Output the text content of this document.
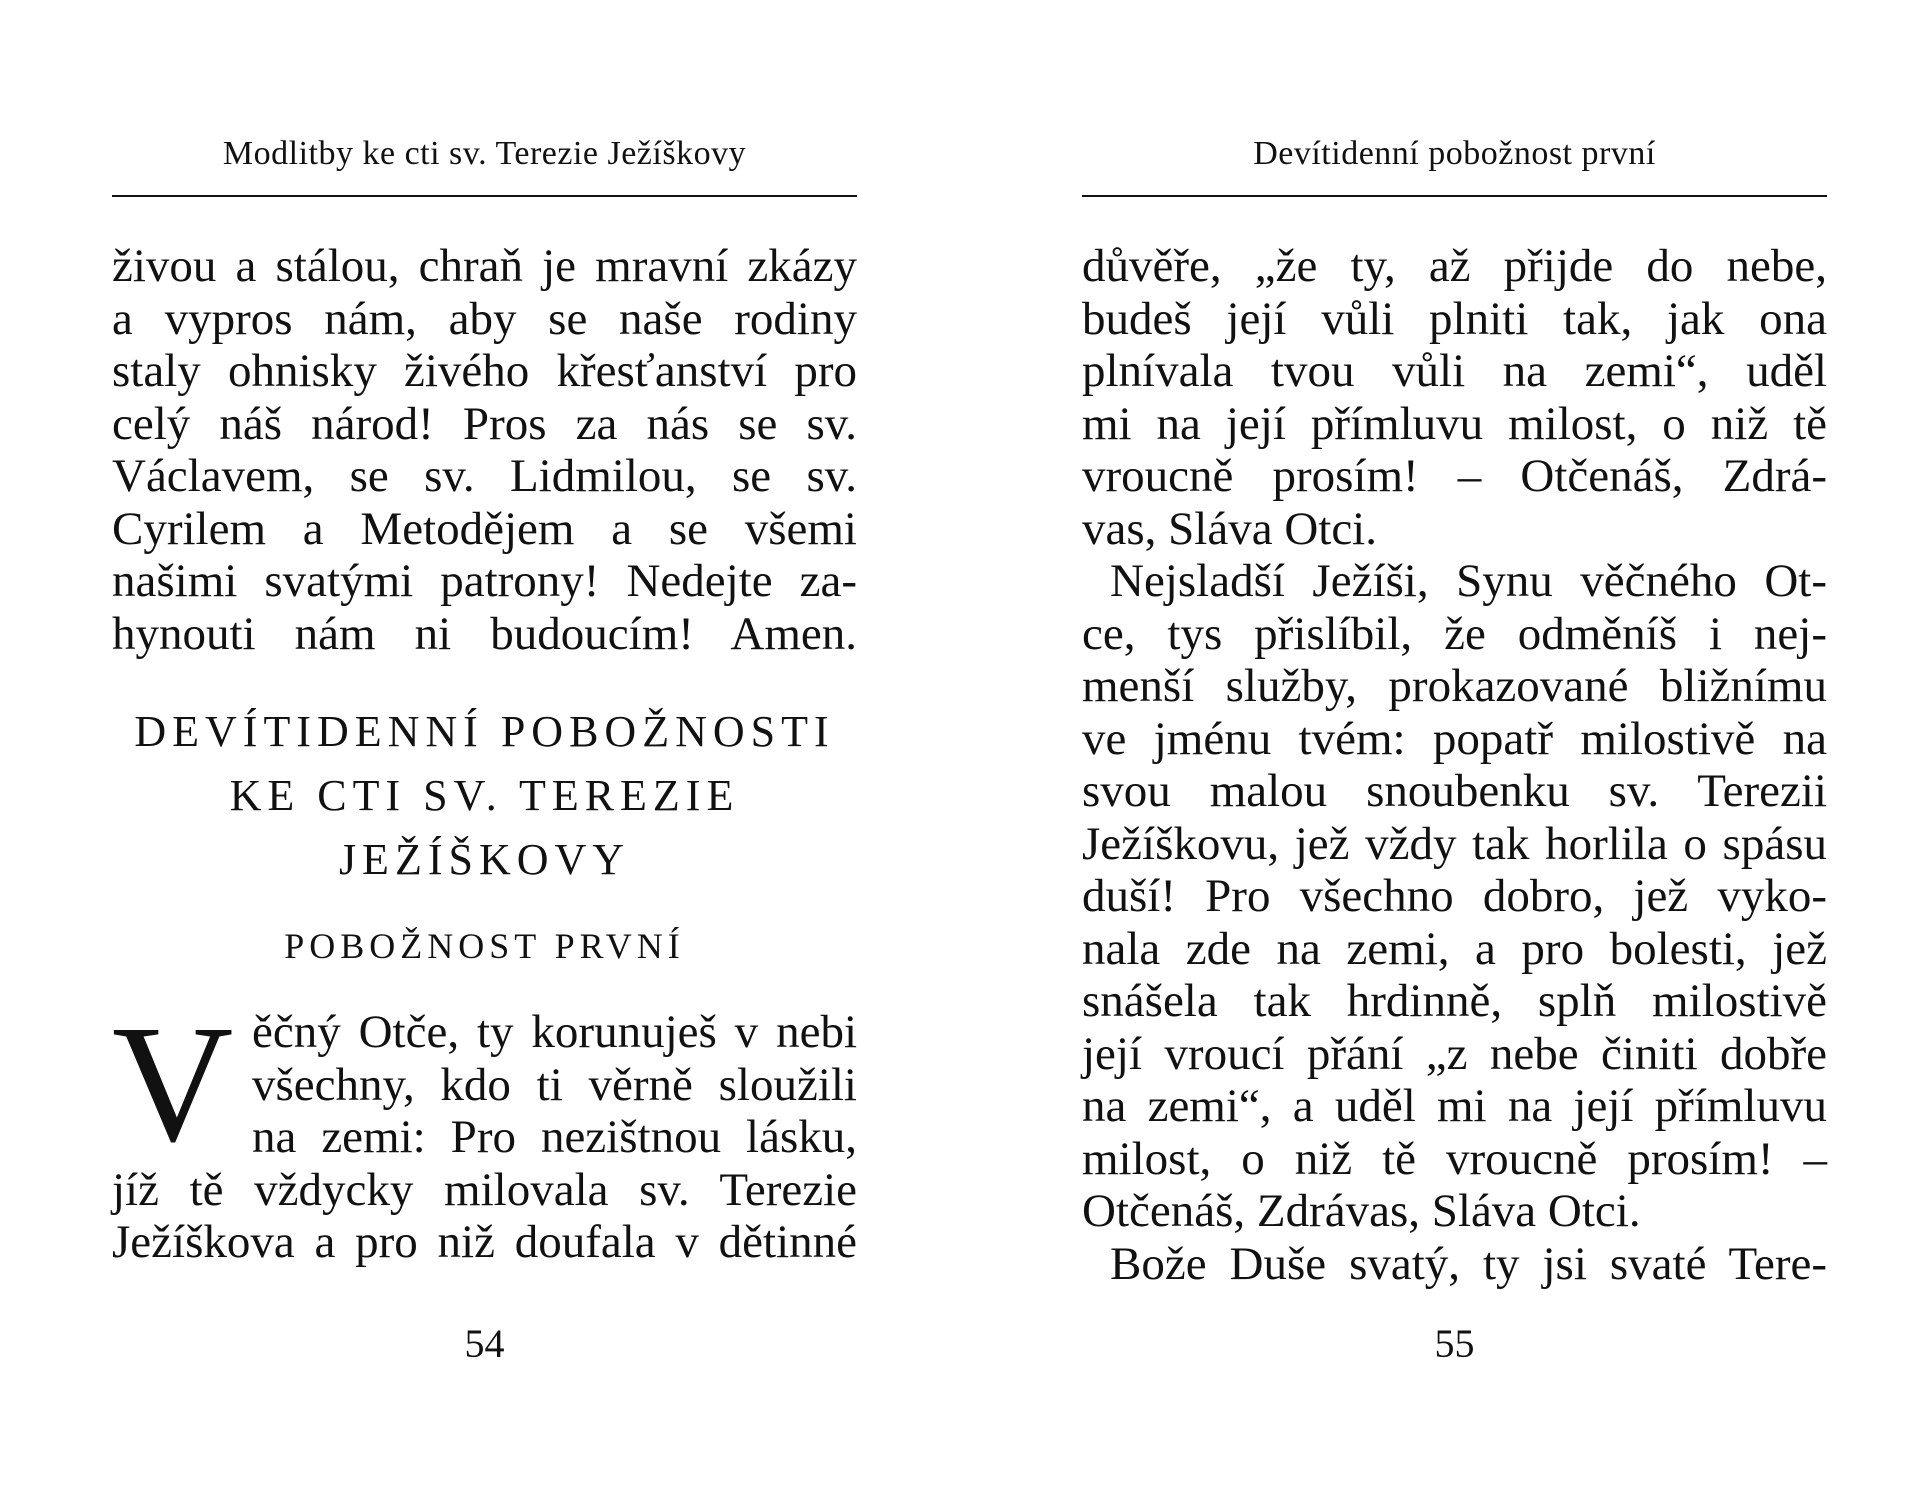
Modlitby ke cti sv. Terezie Ježíškovy
živou a stálou, chraň je mravní zkázy
a vypros nám, aby se naše rodiny
staly ohnisky živého křesťanství pro
celý náš národ! Pros za nás se sv.
Václavem, se sv. Lidmilou, se sv.
Cyrilem a Metodějem a se všemi
našimi svatými patrony! Nedejte za-
hynouti nám ni budoucím! Amen.
DEVÍTIDENNÍ POBOŽNOSTI
KE CTI SV. TEREZIE
JEŽÍŠKOVY
POBOŽNOST PRVNÍ
V ěčný Otče, ty korunuješ v nebi
všechny, kdo ti věrně sloužili
na zemi: Pro nezištnou lásku,
jíž tě vždycky milovala sv. Terezie
Ježíškova a pro niž doufala v dětinné
54
Devítidenní pobožnost první
důvěře, „že ty, až přijde do nebe,
budeš její vůli plniti tak, jak ona
plnívala tvou vůli na zemi“, uděl
mi na její přímluvu milost, o niž tě
vroucně prosím! – Otčenáš, Zdrá-
vas, Sláva Otci.
Nejsladší Ježíši, Synu věčného Ot-
ce, tys přislíbil, že odměníš i nej-
menší služby, prokazované bližnímu
ve jménu tvém: popatř milostivě na
svou malou snoubenku sv. Terezii
Ježíškovu, jež vždy tak horlila o spásu
duší! Pro všechno dobro, jež vyko-
nala zde na zemi, a pro bolesti, jež
snášela tak hrdinně, splň milostivě
její vroucí přání „z nebe činiti dobře
na zemi“, a uděl mi na její přímluvu
milost, o niž tě vroucně prosím! –
Otčenáš, Zdrávas, Sláva Otci.
Bože Duše svatý, ty jsi svaté Tere-
55
